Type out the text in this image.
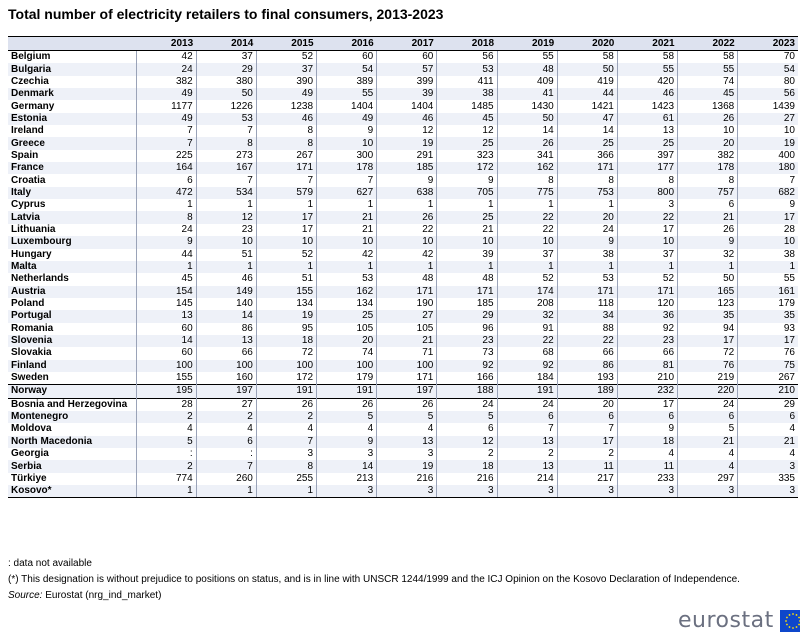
Total number of electricity retailers to final consumers, 2013-2023
	2013	2014	2015	2016	2017	2018	2019	2020	2021	2022	2023
Belgium	42	37	52	60	60	56	55	58	58	58	70
Bulgaria	24	29	37	54	57	53	48	50	55	55	54
Czechia	382	380	390	389	399	411	409	419	420	74	80
Denmark	49	50	49	55	39	38	41	44	46	45	56
Germany	1177	1226	1238	1404	1404	1485	1430	1421	1423	1368	1439
Estonia	49	53	46	49	46	45	50	47	61	26	27
Ireland	7	7	8	9	12	12	14	14	13	10	10
Greece	7	8	8	10	19	25	26	25	25	20	19
Spain	225	273	267	300	291	323	341	366	397	382	400
France	164	167	171	178	185	172	162	171	177	178	180
Croatia	6	7	7	7	9	9	8	8	8	8	7
Italy	472	534	579	627	638	705	775	753	800	757	682
Cyprus	1	1	1	1	1	1	1	1	3	6	9
Latvia	8	12	17	21	26	25	22	20	22	21	17
Lithuania	24	23	17	21	22	21	22	24	17	26	28
Luxembourg	9	10	10	10	10	10	10	9	10	9	10
Hungary	44	51	52	42	42	39	37	38	37	32	38
Malta	1	1	1	1	1	1	1	1	1	1	1
Netherlands	45	46	51	53	48	48	52	53	52	50	55
Austria	154	149	155	162	171	171	174	171	171	165	161
Poland	145	140	134	134	190	185	208	118	120	123	179
Portugal	13	14	19	25	27	29	32	34	36	35	35
Romania	60	86	95	105	105	96	91	88	92	94	93
Slovenia	14	13	18	20	21	23	22	22	23	17	17
Slovakia	60	66	72	74	71	73	68	66	66	72	76
Finland	100	100	100	100	100	92	92	86	81	76	75
Sweden	155	160	172	179	171	166	184	193	210	219	267
Norway	195	197	191	191	197	188	191	189	232	220	210
Bosnia and Herzegovina	28	27	26	26	26	24	24	20	17	24	29
Montenegro	2	2	2	5	5	5	6	6	6	6	6
Moldova	4	4	4	4	4	6	7	7	9	5	4
North Macedonia	5	6	7	9	13	12	13	17	18	21	21
Georgia	:	:	3	3	3	2	2	2	4	4	4
Serbia	2	7	8	14	19	18	13	11	11	4	3
Türkiye	774	260	255	213	216	216	214	217	233	297	335
Kosovo*	1	1	1	3	3	3	3	3	3	3	3
: data not available
(*) This designation is without prejudice to positions on status, and is in line with UNSCR 1244/1999 and the ICJ Opinion on the Kosovo Declaration of Independence.
Source: Eurostat (nrg_ind_market)
eurostat
